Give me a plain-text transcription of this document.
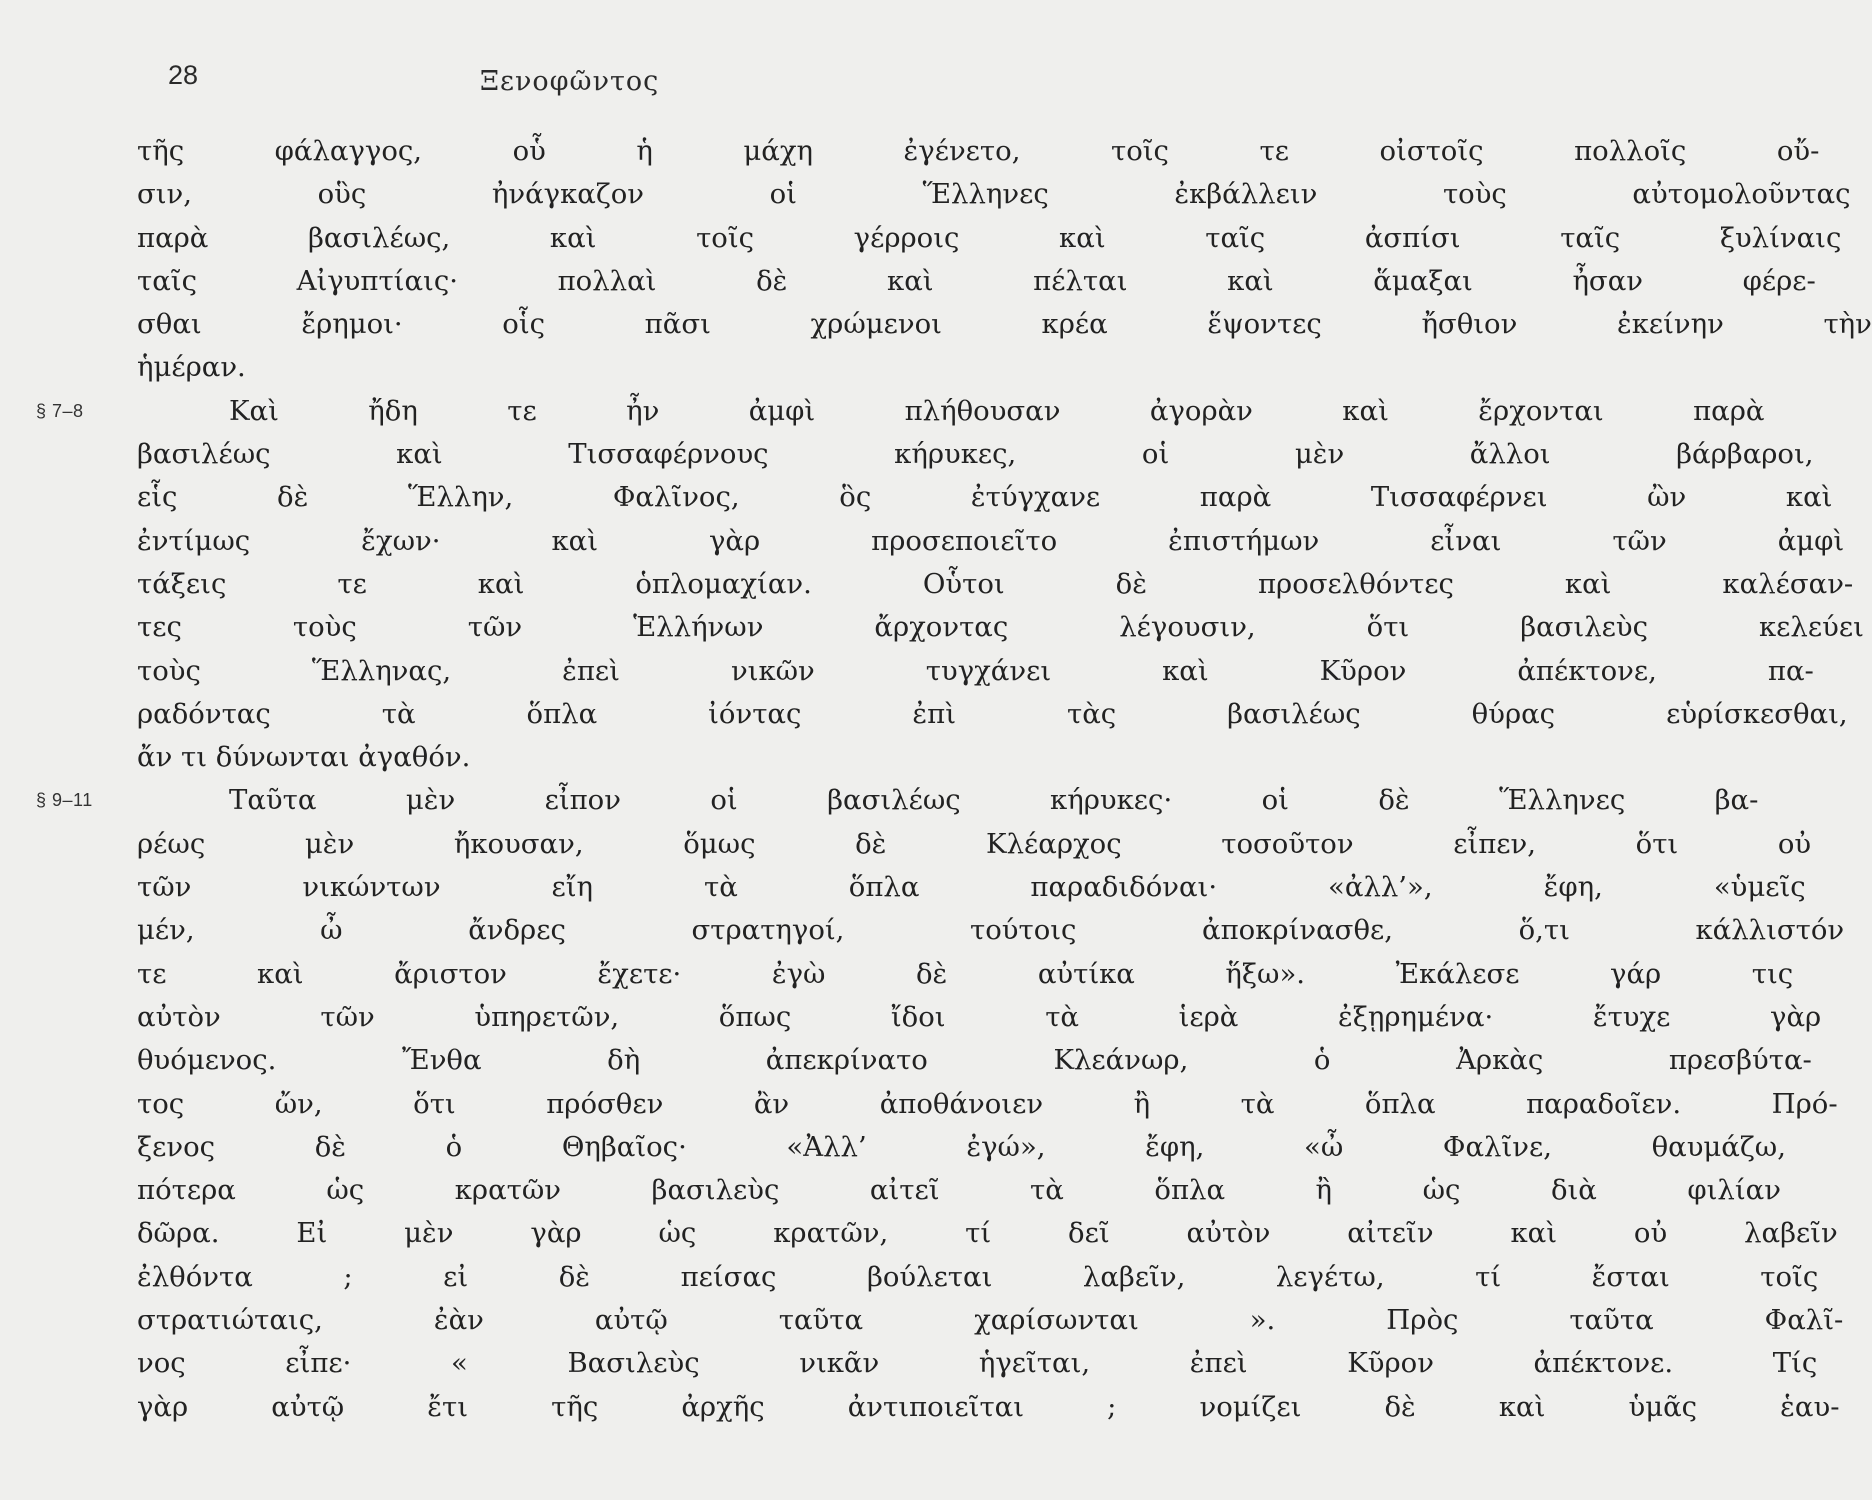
28	Ξενοφῶντος
τῆς φάλαγγος, οὗ ἡ μάχη ἐγένετο, τοῖς τε οἰστοῖς πολλοῖς οὔ-
σιν, οὓς ἠνάγκαζον οἱ Ἕλληνες ἐκβάλλειν τοὺς αὐτομολοῦντας
παρὰ βασιλέως, καὶ τοῖς γέρροις καὶ ταῖς ἀσπίσι ταῖς ξυλίναις
ταῖς Αἰγυπτίαις· πολλαὶ δὲ καὶ πέλται καὶ ἅμαξαι ἦσαν φέρε-
σθαι ἔρημοι· οἷς πᾶσι χρώμενοι κρέα ἕψοντες ἤσθιον ἐκείνην τὴν
ἡμέραν.
§ 7–8	Καὶ ἤδη τε ἦν ἀμφὶ πλήθουσαν ἀγορὰν καὶ ἔρχονται παρὰ
βασιλέως καὶ Τισσαφέρνους κήρυκες, οἱ μὲν ἄλλοι βάρβαροι,
εἷς δὲ Ἕλλην, Φαλῖνος, ὃς ἐτύγχανε παρὰ Τισσαφέρνει ὢν καὶ
ἐντίμως ἔχων· καὶ γὰρ προσεποιεῖτο ἐπιστήμων εἶναι τῶν ἀμφὶ
τάξεις τε καὶ ὁπλομαχίαν. Οὗτοι δὲ προσελθόντες καὶ καλέσαν-
τες τοὺς τῶν Ἑλλήνων ἄρχοντας λέγουσιν, ὅτι βασιλεὺς κελεύει
τοὺς Ἕλληνας, ἐπεὶ νικῶν τυγχάνει καὶ Κῦρον ἀπέκτονε, πα-
ραδόντας τὰ ὅπλα ἰόντας ἐπὶ τὰς βασιλέως θύρας εὑρίσκεσθαι,
ἄν τι δύνωνται ἀγαθόν.
§ 9–11	Ταῦτα μὲν εἶπον οἱ βασιλέως κήρυκες· οἱ δὲ Ἕλληνες βα-
ρέως μὲν ἤκουσαν, ὅμως δὲ Κλέαρχος τοσοῦτον εἶπεν, ὅτι οὐ
τῶν νικώντων εἴη τὰ ὅπλα παραδιδόναι· «ἀλλ’», ἔφη, «ὑμεῖς
μέν, ὦ ἄνδρες στρατηγοί, τούτοις ἀποκρίνασθε, ὅ,τι κάλλιστόν
τε καὶ ἄριστον ἔχετε· ἐγὼ δὲ αὐτίκα ἥξω». Ἐκάλεσε γάρ τις
αὐτὸν τῶν ὑπηρετῶν, ὅπως ἴδοι τὰ ἱερὰ ἐξῃρημένα· ἔτυχε γὰρ
θυόμενος. Ἔνθα δὴ ἀπεκρίνατο Κλεάνωρ, ὁ Ἀρκὰς πρεσβύτα-
τος ὤν, ὅτι πρόσθεν ἂν ἀποθάνοιεν ἢ τὰ ὅπλα παραδοῖεν. Πρό-
ξενος δὲ ὁ Θηβαῖος· «Ἀλλ’ ἐγώ», ἔφη, «ὦ Φαλῖνε, θαυμάζω,
πότερα ὡς κρατῶν βασιλεὺς αἰτεῖ τὰ ὅπλα ἢ ὡς διὰ φιλίαν
δῶρα. Εἰ μὲν γὰρ ὡς κρατῶν, τί δεῖ αὐτὸν αἰτεῖν καὶ οὐ λαβεῖν
ἐλθόντα ; εἰ δὲ πείσας βούλεται λαβεῖν, λεγέτω, τί ἔσται τοῖς
στρατιώταις, ἐὰν αὐτῷ ταῦτα χαρίσωνται ». Πρὸς ταῦτα Φαλῖ-
νος εἶπε· « Βασιλεὺς νικᾶν ἡγεῖται, ἐπεὶ Κῦρον ἀπέκτονε. Τίς
γὰρ αὐτῷ ἔτι τῆς ἀρχῆς ἀντιποιεῖται ; νομίζει δὲ καὶ ὑμᾶς ἑαυ-
